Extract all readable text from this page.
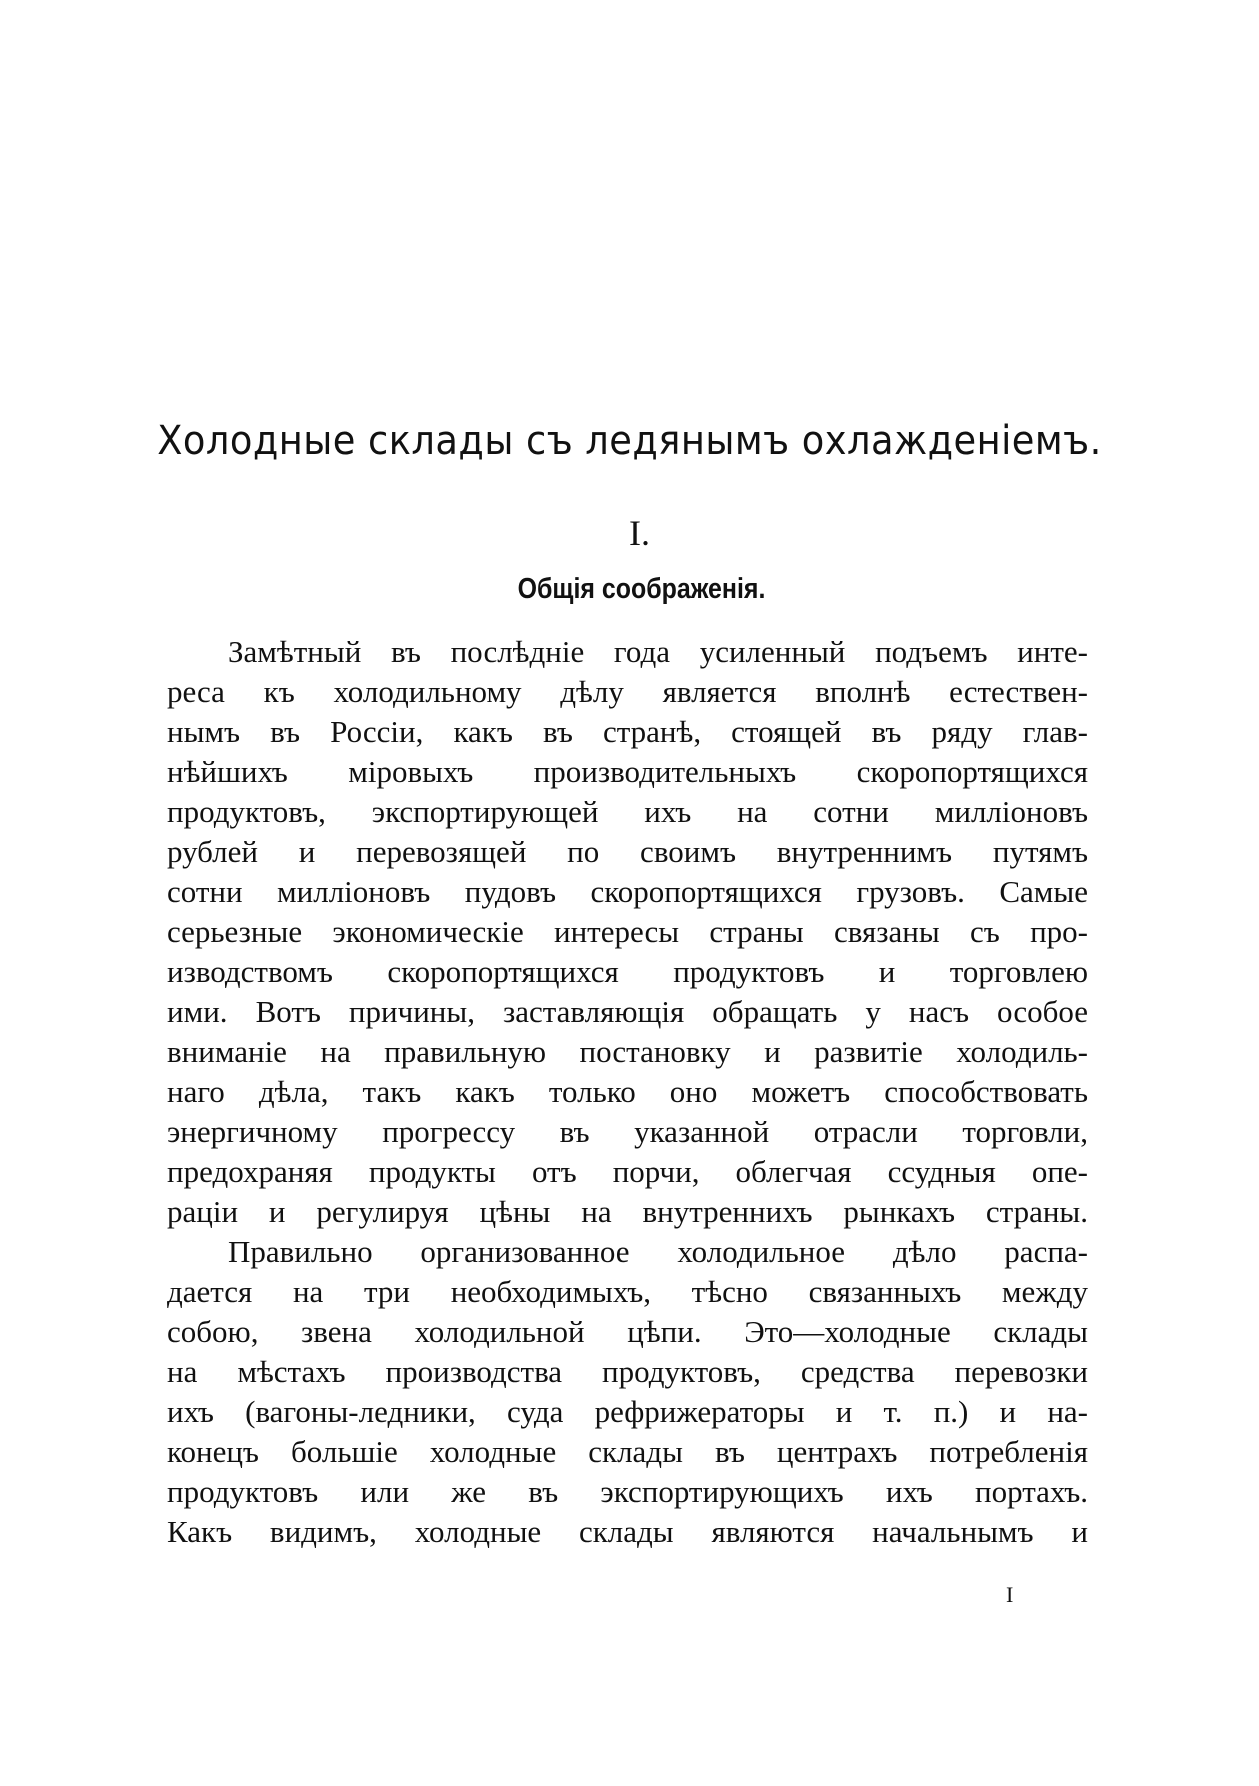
Холодные склады съ ледянымъ охлажденіемъ.
I.
Общія соображенія.
Замѣтный въ послѣдніе года усиленный подъемъ инте-
реса къ холодильному дѣлу является вполнѣ естествен-
нымъ въ Россіи, какъ въ странѣ, стоящей въ ряду глав-
нѣйшихъ міровыхъ производительныхъ скоропортящихся
продуктовъ, экспортирующей ихъ на сотни милліоновъ
рублей и перевозящей по своимъ внутреннимъ путямъ
сотни милліоновъ пудовъ скоропортящихся грузовъ. Самые
серьезные экономическіе интересы страны связаны съ про-
изводствомъ скоропортящихся продуктовъ и торговлею
ими. Вотъ причины, заставляющія обращать у насъ особое
вниманіе на правильную постановку и развитіе холодиль-
наго дѣла, такъ какъ только оно можетъ способствовать
энергичному прогрессу въ указанной отрасли торговли,
предохраняя продукты отъ порчи, облегчая ссудныя опе-
раціи и регулируя цѣны на внутреннихъ рынкахъ страны.
Правильно организованное холодильное дѣло распа-
дается на три необходимыхъ, тѣсно связанныхъ между
собою, звена холодильной цѣпи. Это—холодные склады
на мѣстахъ производства продуктовъ, средства перевозки
ихъ (вагоны-ледники, суда рефрижераторы и т. п.) и на-
конецъ большіе холодные склады въ центрахъ потребленія
продуктовъ или же въ экспортирующихъ ихъ портахъ.
Какъ видимъ, холодные склады являются начальнымъ и
I
